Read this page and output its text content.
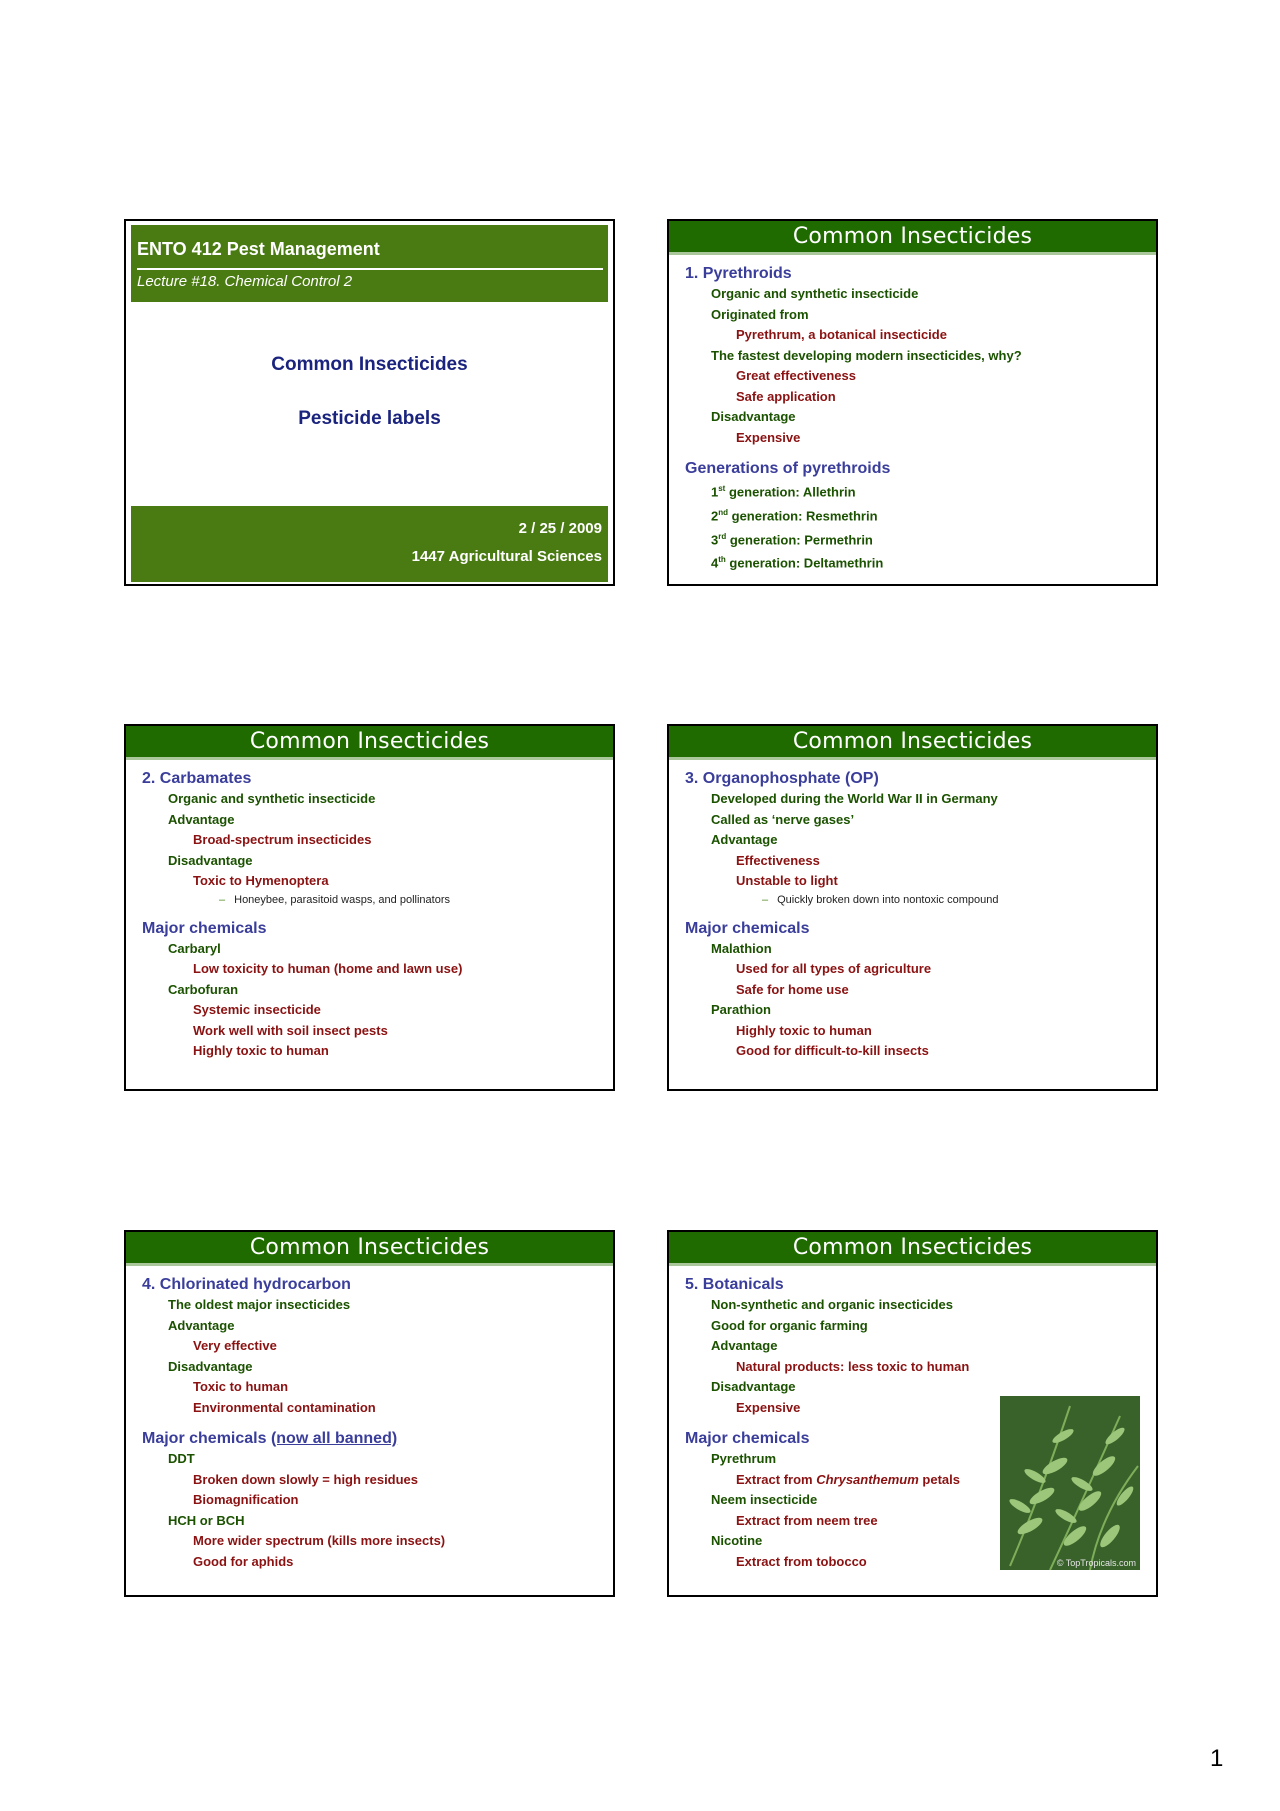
ENTO 412 Pest Management
Lecture #18. Chemical Control 2
Common Insecticides
Pesticide labels
2 / 25 / 2009
1447 Agricultural Sciences
Common Insecticides
1. Pyrethroids
Organic and synthetic insecticide
Originated from
Pyrethrum, a botanical insecticide
The fastest developing modern insecticides, why?
Great effectiveness
Safe application
Disadvantage
Expensive
Generations of pyrethroids
1st generation: Allethrin
2nd generation: Resmethrin
3rd generation: Permethrin
4th generation: Deltamethrin
Common Insecticides
2. Carbamates
Organic and synthetic insecticide
Advantage
Broad-spectrum insecticides
Disadvantage
Toxic to Hymenoptera
– Honeybee, parasitoid wasps, and pollinators
Major chemicals
Carbaryl
Low toxicity to human (home and lawn use)
Carbofuran
Systemic insecticide
Work well with soil insect pests
Highly toxic to human
Common Insecticides
3. Organophosphate (OP)
Developed during the World War II in Germany
Called as ‘nerve gases’
Advantage
Effectiveness
Unstable to light
– Quickly broken down into nontoxic compound
Major chemicals
Malathion
Used for all types of agriculture
Safe for home use
Parathion
Highly toxic to human
Good for difficult-to-kill insects
Common Insecticides
4. Chlorinated hydrocarbon
The oldest major insecticides
Advantage
Very effective
Disadvantage
Toxic to human
Environmental contamination
Major chemicals (now all banned)
DDT
Broken down slowly = high residues
Biomagnification
HCH or BCH
More wider spectrum (kills more insects)
Good for aphids
Common Insecticides
5. Botanicals
Non-synthetic and organic insecticides
Good for organic farming
Advantage
Natural products: less toxic to human
Disadvantage
Expensive
Major chemicals
Pyrethrum
Extract from Chrysanthemum petals
Neem insecticide
Extract from neem tree
Nicotine
Extract from tobocco	© TopTropicals.com
1
